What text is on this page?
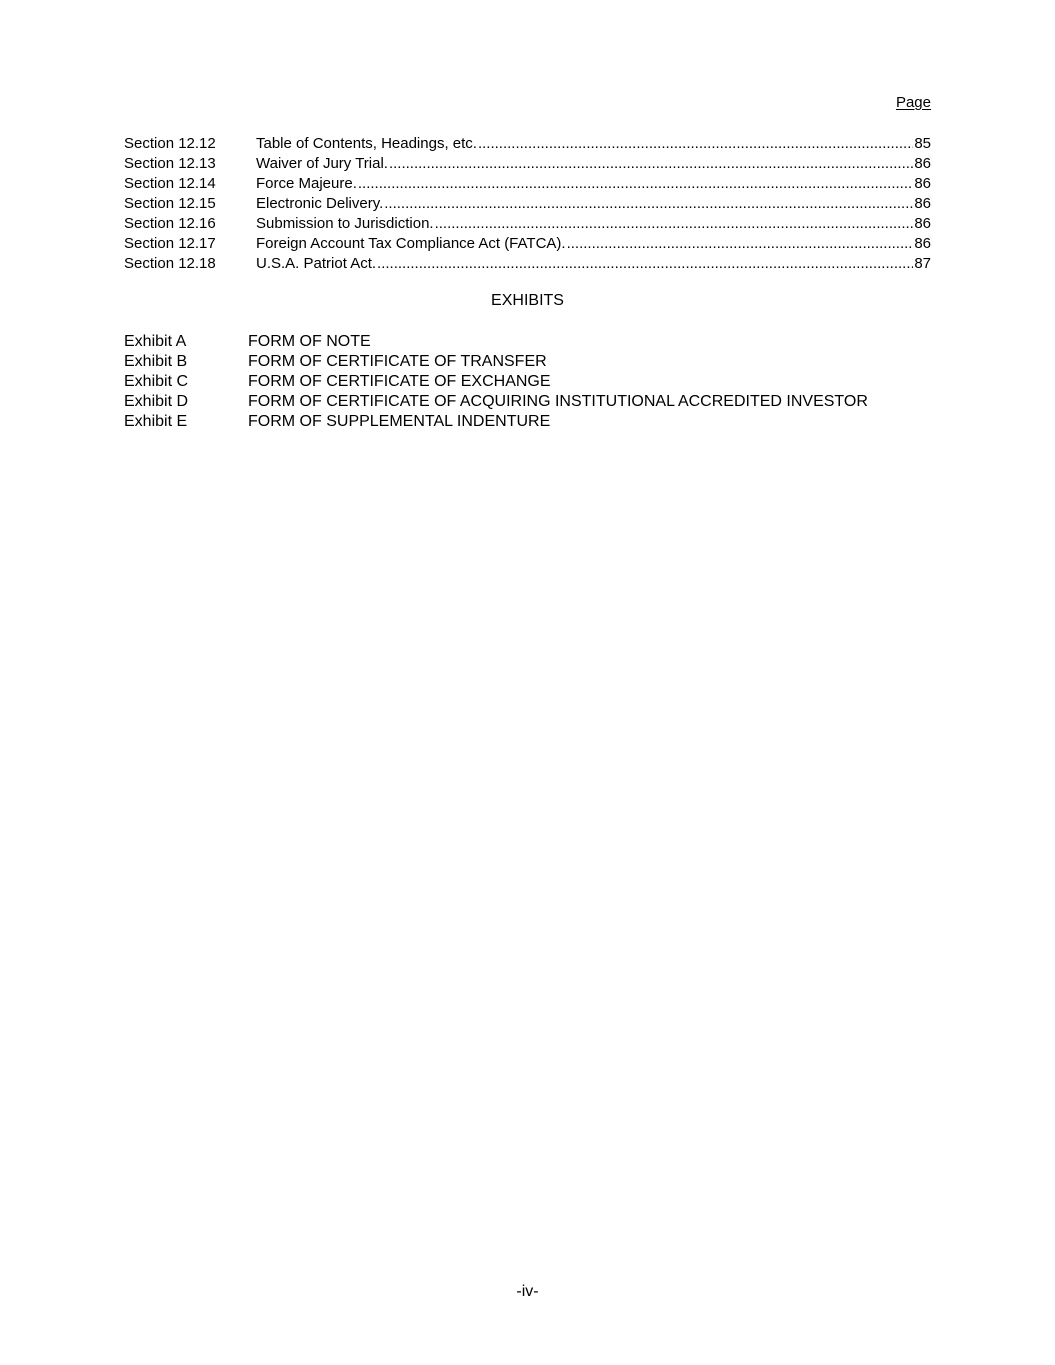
Page
Section 12.12	Table of Contents, Headings, etc. .....	85
Section 12.13	Waiver of Jury Trial. .....	86
Section 12.14	Force Majeure. .....	86
Section 12.15	Electronic Delivery. .....	86
Section 12.16	Submission to Jurisdiction. .....	86
Section 12.17	Foreign Account Tax Compliance Act (FATCA). .....	86
Section 12.18	U.S.A. Patriot Act. .....	87
EXHIBITS
Exhibit A	FORM OF NOTE
Exhibit B	FORM OF CERTIFICATE OF TRANSFER
Exhibit C	FORM OF CERTIFICATE OF EXCHANGE
Exhibit D	FORM OF CERTIFICATE OF ACQUIRING INSTITUTIONAL ACCREDITED INVESTOR
Exhibit E	FORM OF SUPPLEMENTAL INDENTURE
-iv-
